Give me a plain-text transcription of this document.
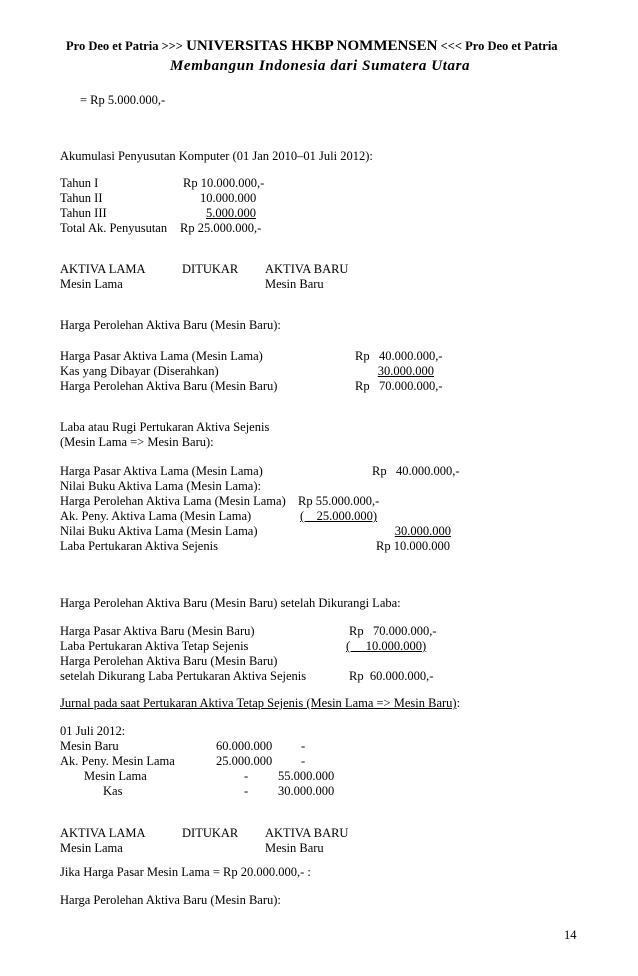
Pro Deo et Patria >>> UNIVERSITAS HKBP NOMMENSEN <<< Pro Deo et Patria
Membangun Indonesia dari Sumatera Utara
= Rp 5.000.000,-
Akumulasi Penyusutan Komputer (01 Jan 2010–01 Juli 2012):
Tahun I	Rp 10.000.000,-
Tahun II	10.000.000
Tahun III	5.000.000
Total Ak. Penyusutan Rp 25.000.000,-
AKTIVA LAMA	DITUKAR AKTIVA BARU
Mesin Lama	Mesin Baru
Harga Perolehan Aktiva Baru (Mesin Baru):
Harga Pasar Aktiva Lama (Mesin Lama)	Rp   40.000.000,-
Kas yang Dibayar (Diserahkan)	30.000.000
Harga Perolehan Aktiva Baru (Mesin Baru)	Rp   70.000.000,-
Laba atau Rugi Pertukaran Aktiva Sejenis
(Mesin Lama => Mesin Baru):
Harga Pasar Aktiva Lama (Mesin Lama)	Rp   40.000.000,-
Nilai Buku Aktiva Lama (Mesin Lama):
Harga Perolehan Aktiva Lama (Mesin Lama) Rp 55.000.000,-
Ak. Peny. Aktiva Lama (Mesin Lama)	(    25.000.000)
Nilai Buku Aktiva Lama (Mesin Lama)	30.000.000
Laba Pertukaran Aktiva Sejenis	Rp 10.000.000
Harga Perolehan Aktiva Baru (Mesin Baru) setelah Dikurangi Laba:
Harga Pasar Aktiva Baru (Mesin Baru)	Rp   70.000.000,-
Laba Pertukaran Aktiva Tetap Sejenis	(     10.000.000)
Harga Perolehan Aktiva Baru (Mesin Baru)
setelah Dikurang Laba Pertukaran Aktiva Sejenis	Rp  60.000.000,-
Jurnal pada saat Pertukaran Aktiva Tetap Sejenis (Mesin Lama => Mesin Baru):
01 Juli 2012:
Mesin Baru	60.000.000 -
Ak. Peny. Mesin Lama	25.000.000 -
Mesin Lama	- 55.000.000
Kas	- 30.000.000
AKTIVA LAMA	DITUKAR AKTIVA BARU
Mesin Lama	Mesin Baru
Jika Harga Pasar Mesin Lama = Rp 20.000.000,- :
Harga Perolehan Aktiva Baru (Mesin Baru):
14
